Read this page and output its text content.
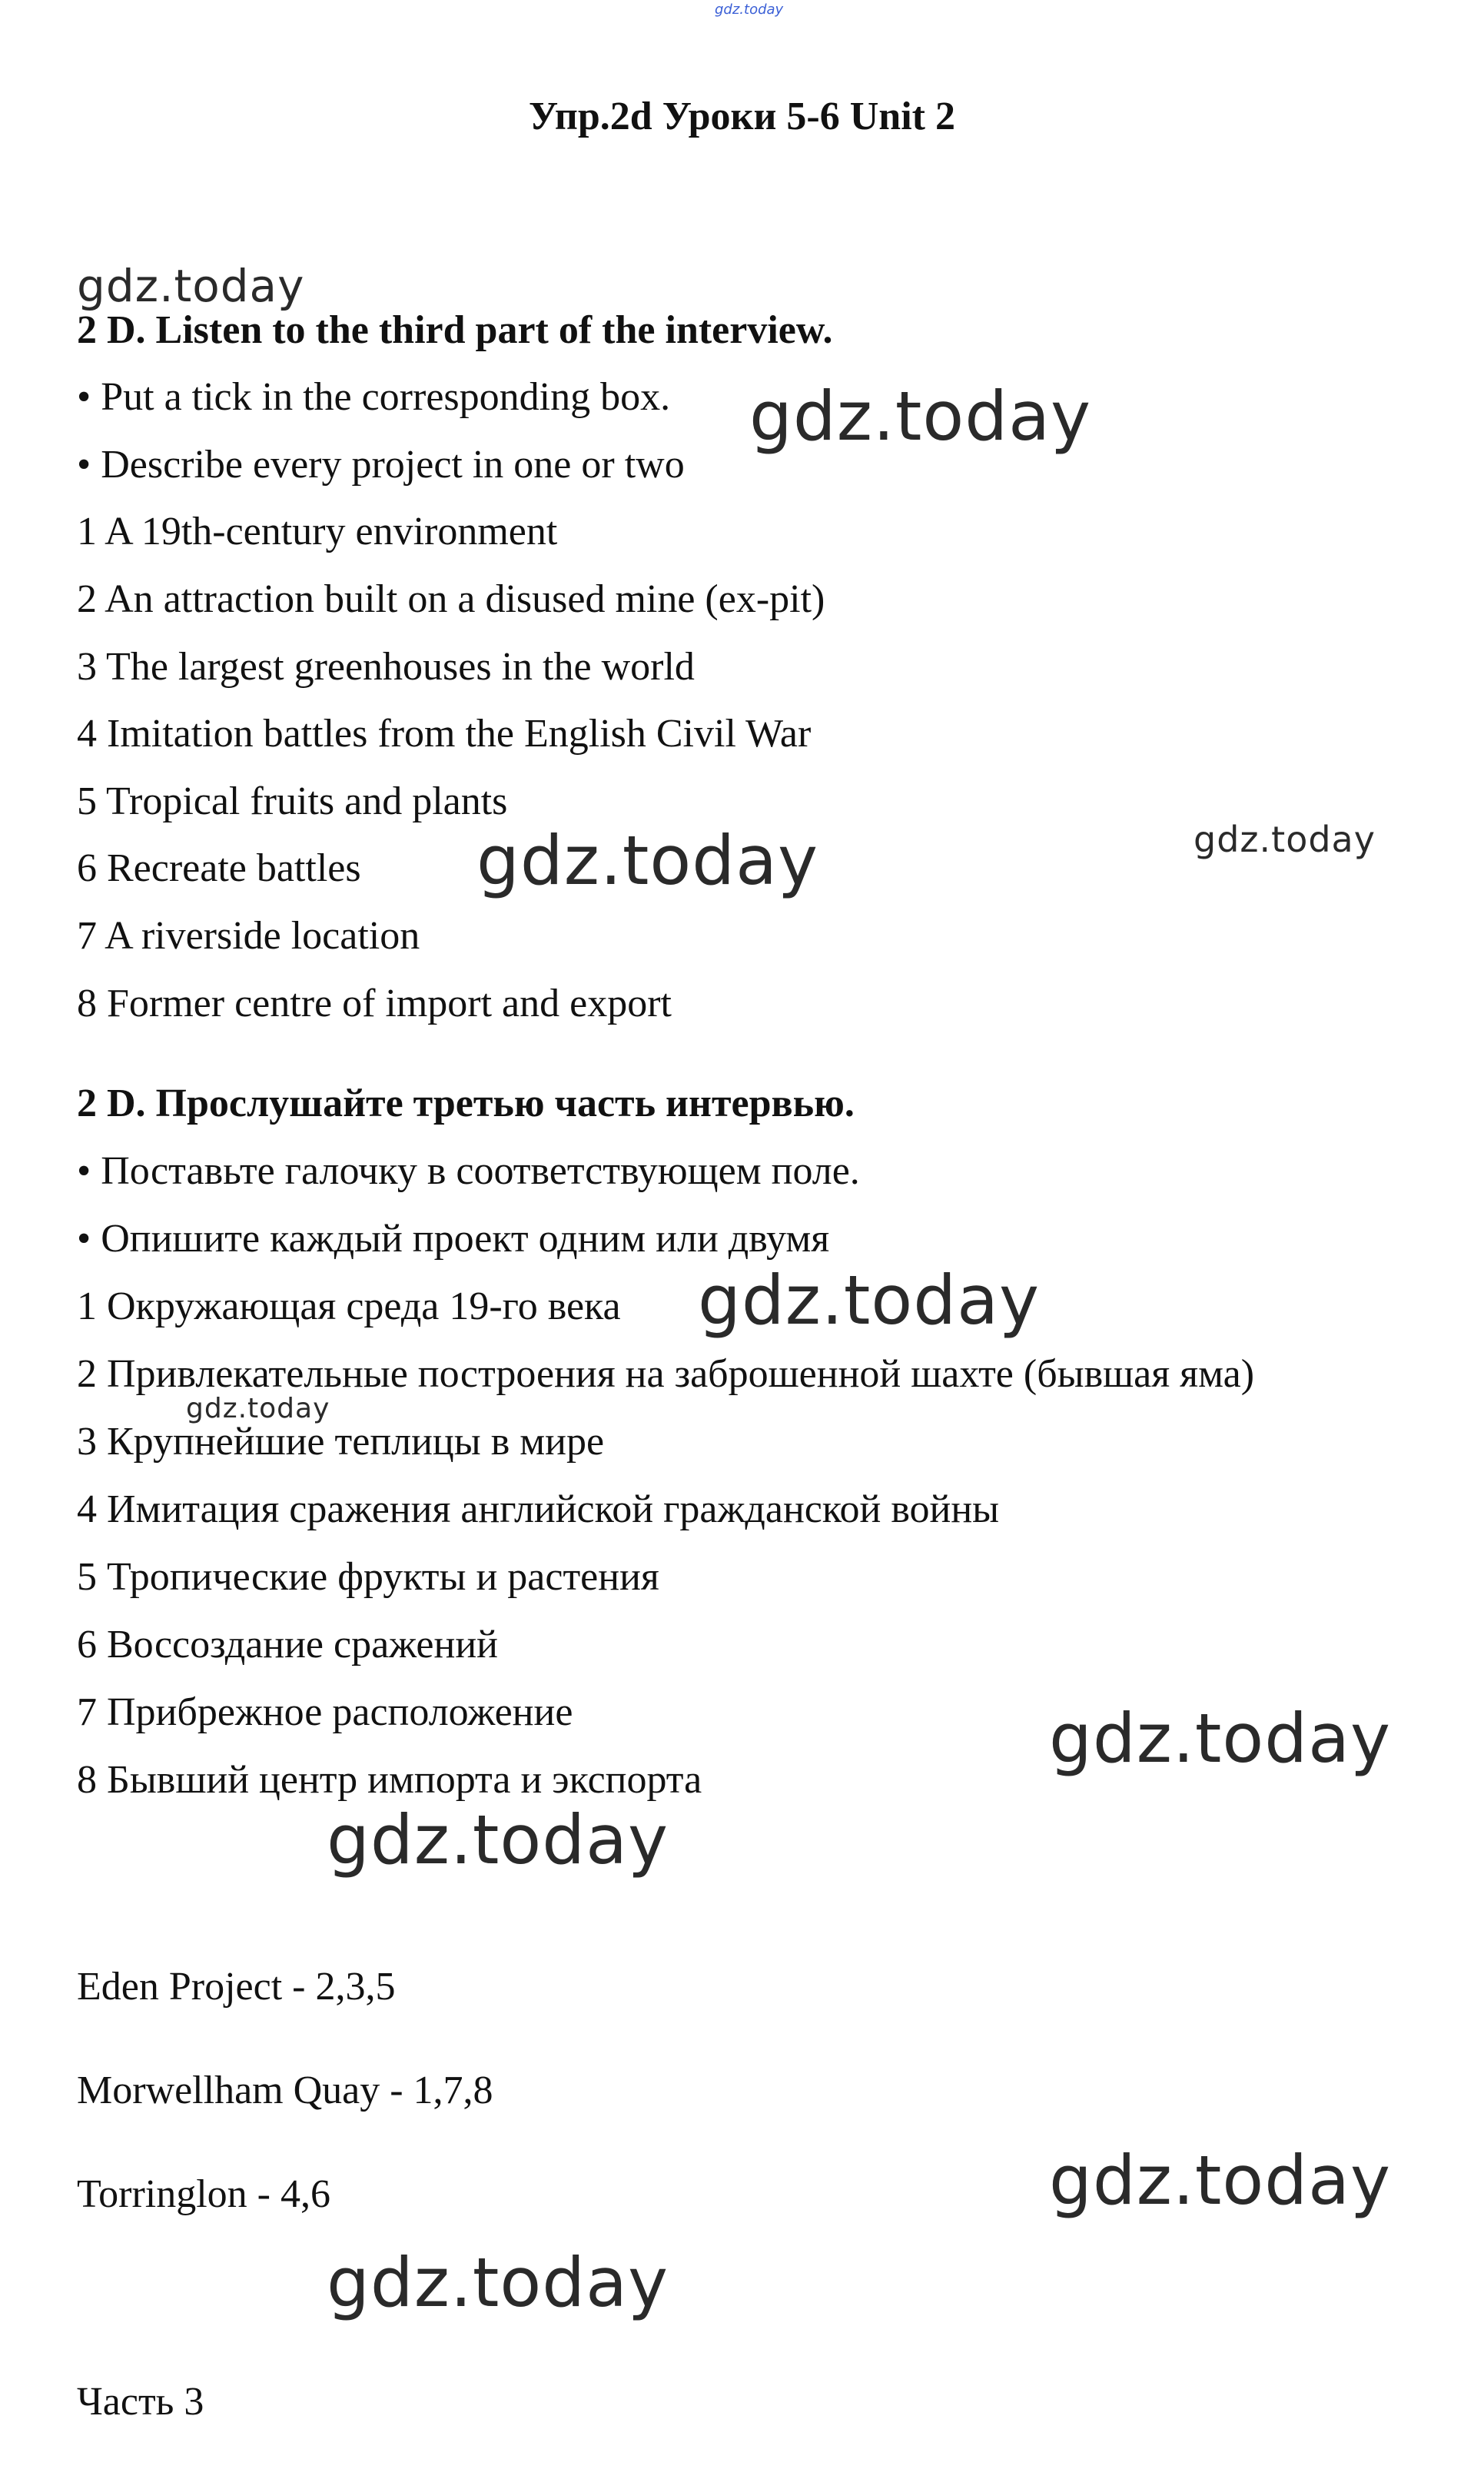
gdz.today
Упр.2d Уроки 5-6 Unit 2
gdz.today
2 D. Listen to the third part of the interview.
• Put a tick in the corresponding box. gdz.today
• Describe every project in one or two
1 A 19th-century environment
2 An attraction built on a disused mine (ex-pit)
3 The largest greenhouses in the world
4 Imitation battles from the English Civil War
5 Tropical fruits and plants
6 Recreate battles gdz.today	gdz.today
7 A riverside location
8 Former centre of import and export
2 D. Прослушайте третью часть интервью.
• Поставьте галочку в соответствующем поле.
• Опишите каждый проект одним или двумя
1 Окружающая среда 19-го века gdz.today
2 Привлекательные построения на заброшенной шахте (бывшая яма)
gdz.today
3 Крупнейшие теплицы в мире
4 Имитация сражения английской гражданской войны
5 Тропические фрукты и растения
6 Воссоздание сражений
7 Прибрежное расположение	gdz.today
8 Бывший центр импорта и экспорта
gdz.today
Eden Project - 2,3,5
Morwellham Quay - 1,7,8
Torringlon - 4,6	gdz.today
gdz.today
Часть 3
